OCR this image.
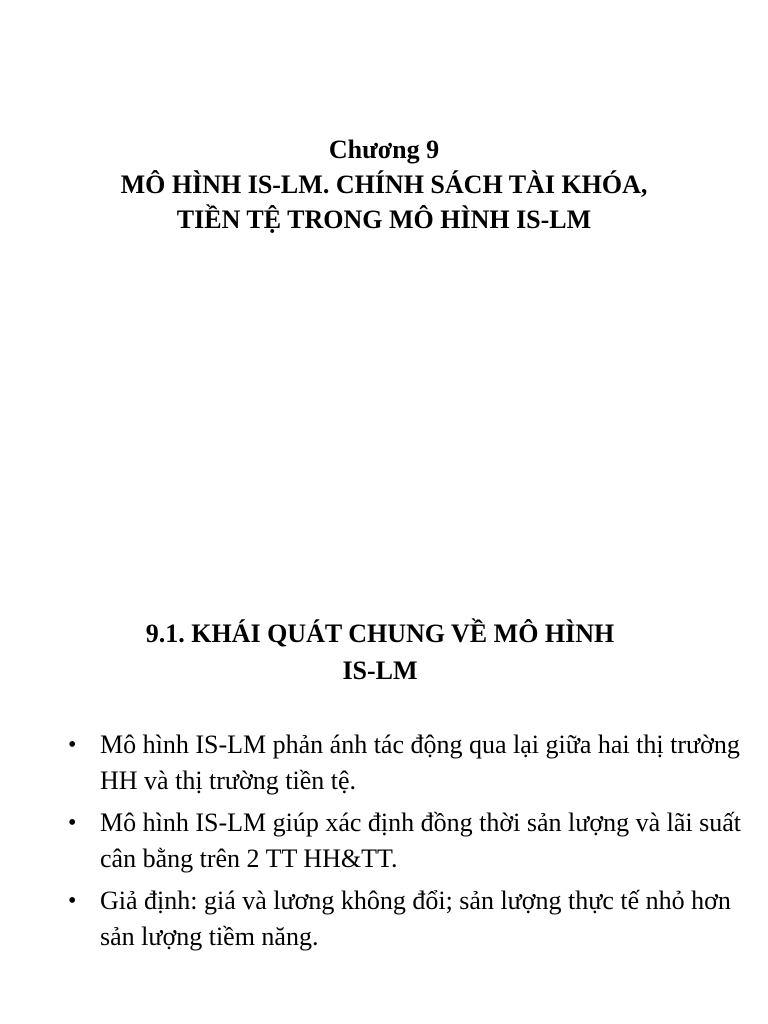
Chương 9
MÔ HÌNH IS-LM. CHÍNH SÁCH TÀI KHÓA,
TIỀN TỆ TRONG MÔ HÌNH IS-LM
9.1. KHÁI QUÁT CHUNG VỀ MÔ HÌNH
IS-LM
• Mô hình IS-LM phản ánh tác động qua lại giữa hai thị trường HH và thị trường tiền tệ.
• Mô hình IS-LM giúp xác định đồng thời sản lượng và lãi suất cân bằng trên 2 TT HH&TT.
• Giả định: giá và lương không đổi; sản lượng thực tế nhỏ hơn sản lượng tiềm năng.
